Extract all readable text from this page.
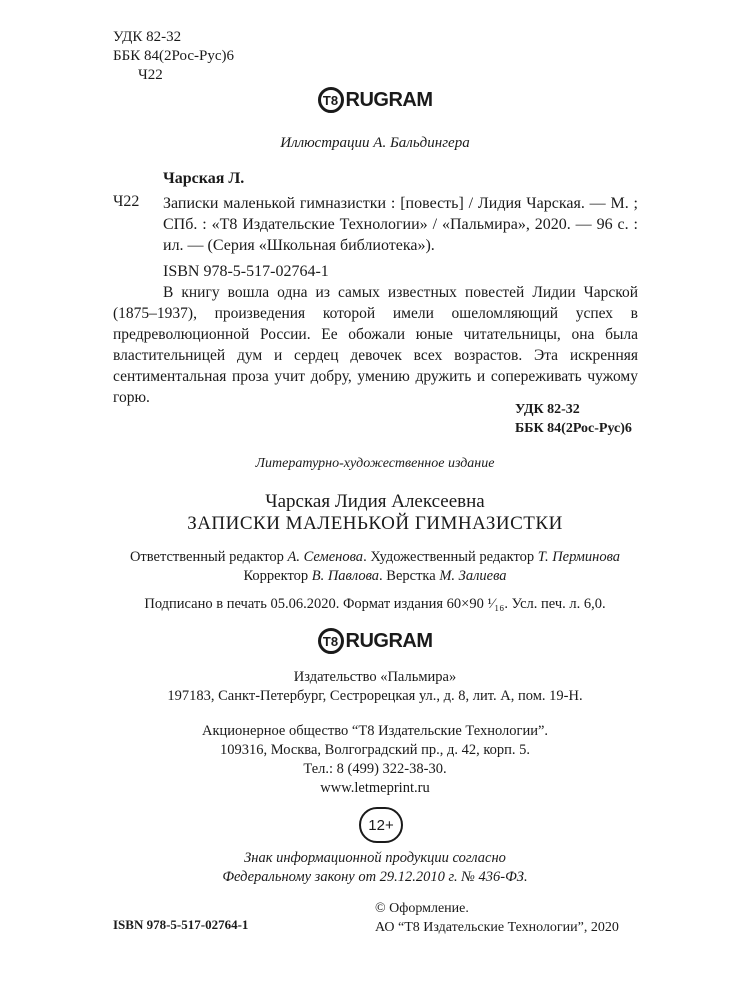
УДК 82-32
ББК 84(2Рос-Рус)6
Ч22
T8 RUGRAM
Иллюстрации А. Бальдингера
Чарская Л.
Ч22 Записки маленькой гимназистки : [повесть] / Лидия Чарская. — М. ; СПб. : «Т8 Издательские Технологии» / «Пальмира», 2020. — 96 с. : ил. — (Серия «Школьная библиотека»).
ISBN 978-5-517-02764-1
В книгу вошла одна из самых известных повестей Лидии Чарской (1875–1937), произведения которой имели ошеломляющий успех в предреволюционной России. Ее обожали юные читательницы, она была властительницей дум и сердец девочек всех возрастов. Эта искренняя сентиментальная проза учит добру, умению дружить и сопереживать чужому горю.
УДК 82-32
ББК 84(2Рос-Рус)6
Литературно-художественное издание
Чарская Лидия Алексеевна
ЗАПИСКИ МАЛЕНЬКОЙ ГИМНАЗИСТКИ
Ответственный редактор А. Семенова. Художественный редактор Т. Перминова
Корректор В. Павлова. Верстка М. Залиева
Подписано в печать 05.06.2020. Формат издания 60×90 ¹⁄₁₆. Усл. печ. л. 6,0.
T8 RUGRAM
Издательство «Пальмира»
197183, Санкт-Петербург, Сестрорецкая ул., д. 8, лит. А, пом. 19-Н.
Акционерное общество “Т8 Издательские Технологии”.
109316, Москва, Волгоградский пр., д. 42, корп. 5.
Тел.: 8 (499) 322-38-30.
www.letmeprint.ru
12+
Знак информационной продукции согласно
Федеральному закону от 29.12.2010 г. № 436-ФЗ.
ISBN 978-5-517-02764-1
© Оформление.
АО “Т8 Издательские Технологии”, 2020
